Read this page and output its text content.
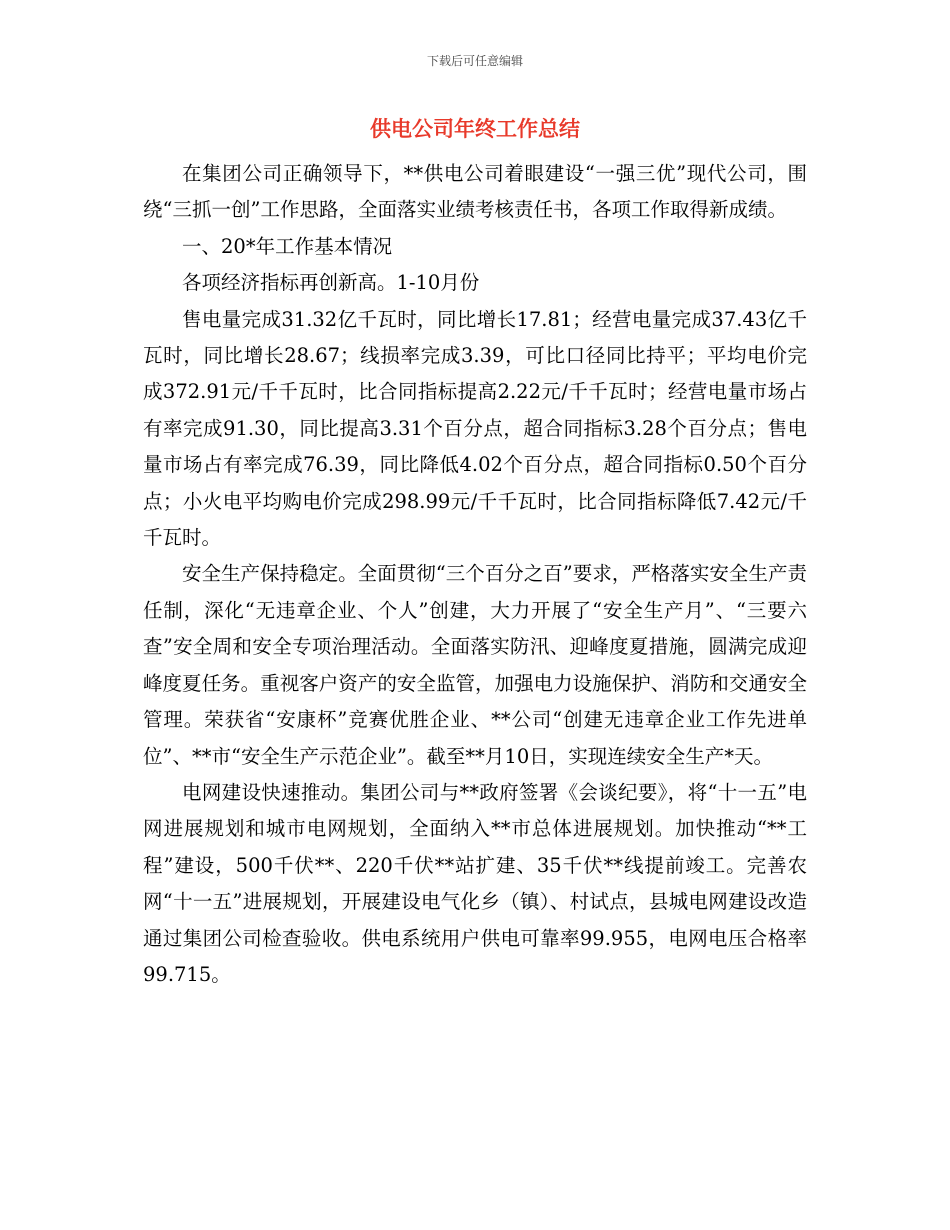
下载后可任意编辑
供电公司年终工作总结

在集团公司正确领导下，**供电公司着眼建设“一强三优”现代公司，围绕“三抓一创”工作思路，全面落实业绩考核责任书，各项工作取得新成绩。

一、20*年工作基本情况

各项经济指标再创新高。1-10月份

售电量完成31.32亿千瓦时，同比增长17.81；经营电量完成37.43亿千瓦时，同比增长28.67；线损率完成3.39，可比口径同比持平；平均电价完成372.91元/千千瓦时，比合同指标提高2.22元/千千瓦时；经营电量市场占有率完成91.30，同比提高3.31个百分点，超合同指标3.28个百分点；售电量市场占有率完成76.39，同比降低4.02个百分点，超合同指标0.50个百分点；小火电平均购电价完成298.99元/千千瓦时，比合同指标降低7.42元/千千瓦时。

安全生产保持稳定。全面贯彻“三个百分之百”要求，严格落实安全生产责任制，深化“无违章企业、个人”创建，大力开展了“安全生产月”、“三要六查”安全周和安全专项治理活动。全面落实防汛、迎峰度夏措施，圆满完成迎峰度夏任务。重视客户资产的安全监管，加强电力设施保护、消防和交通安全管理。荣获省“安康杯”竞赛优胜企业、**公司“创建无违章企业工作先进单位”、**市“安全生产示范企业”。截至**月10日，实现连续安全生产*天。

电网建设快速推动。集团公司与**政府签署《会谈纪要》，将“十一五”电网进展规划和城市电网规划，全面纳入**市总体进展规划。加快推动“**工程”建设，500千伏**、220千伏**站扩建、35千伏**线提前竣工。完善农网“十一五”进展规划，开展建设电气化乡（镇）、村试点，县城电网建设改造通过集团公司检查验收。供电系统用户供电可靠率99.955，电网电压合格率99.715。
